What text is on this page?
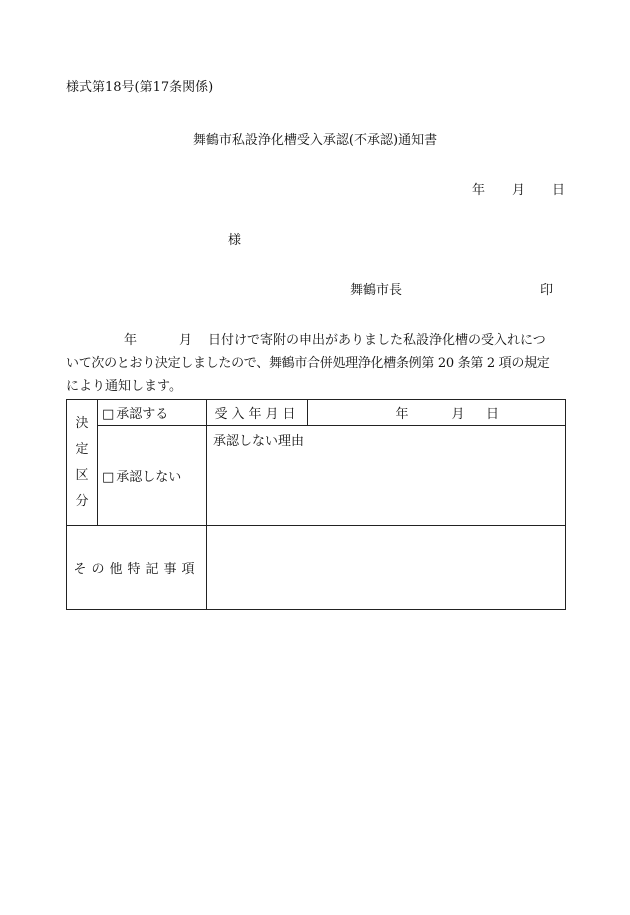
様式第18号(第17条関係)
舞鶴市私設浄化槽受入承認(不承認)通知書
年 月 日
様
舞鶴市長	印
年	月 日付けで寄附の申出がありました私設浄化槽の受入れにつ
いて次のとおり決定しましたので、舞鶴市合併処理浄化槽条例第 20 条第 2 項の規定
により通知します。
決
定
区
分	□ 承認する	受入年月日	年 月 日
	□ 承認しない	承認しない理由	
その他特記事項			
